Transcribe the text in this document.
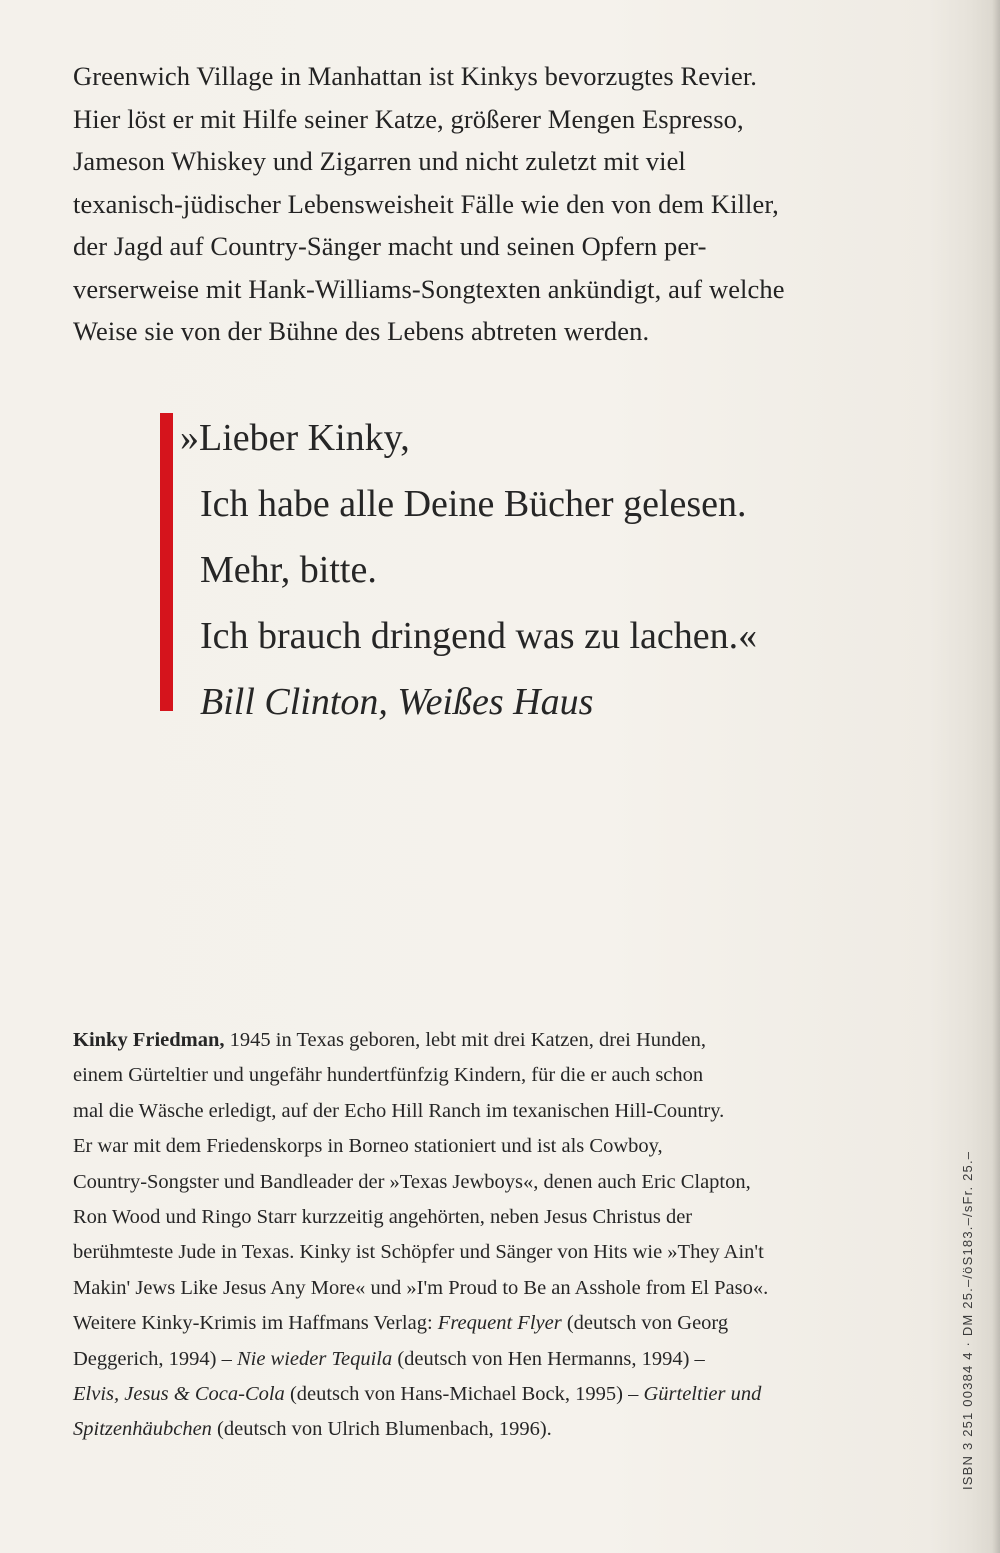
Greenwich Village in Manhattan ist Kinkys bevorzugtes Revier.
Hier löst er mit Hilfe seiner Katze, größerer Mengen Espresso,
Jameson Whiskey und Zigarren und nicht zuletzt mit viel
texanisch-jüdischer Lebensweisheit Fälle wie den von dem Killer,
der Jagd auf Country-Sänger macht und seinen Opfern per-
verserweise mit Hank-Williams-Songtexten ankündigt, auf welche
Weise sie von der Bühne des Lebens abtreten werden.
»Lieber Kinky,
Ich habe alle Deine Bücher gelesen.
Mehr, bitte.
Ich brauch dringend was zu lachen.«
Bill Clinton, Weißes Haus
Kinky Friedman, 1945 in Texas geboren, lebt mit drei Katzen, drei Hunden,
einem Gürteltier und ungefähr hundertfünfzig Kindern, für die er auch schon
mal die Wäsche erledigt, auf der Echo Hill Ranch im texanischen Hill-Country.
Er war mit dem Friedenskorps in Borneo stationiert und ist als Cowboy,
Country-Songster und Bandleader der »Texas Jewboys«, denen auch Eric Clapton,
Ron Wood und Ringo Starr kurzzeitig angehörten, neben Jesus Christus der
berühmteste Jude in Texas. Kinky ist Schöpfer und Sänger von Hits wie »They Ain't
Makin' Jews Like Jesus Any More« und »I'm Proud to Be an Asshole from El Paso«.
Weitere Kinky-Krimis im Haffmans Verlag: Frequent Flyer (deutsch von Georg
Deggerich, 1994) – Nie wieder Tequila (deutsch von Hen Hermanns, 1994) –
Elvis, Jesus & Coca-Cola (deutsch von Hans-Michael Bock, 1995) – Gürteltier und
Spitzenhäubchen (deutsch von Ulrich Blumenbach, 1996).	ISBN 3 251 00384 4 · DM 25.–/öS183.–/sFr. 25.–
